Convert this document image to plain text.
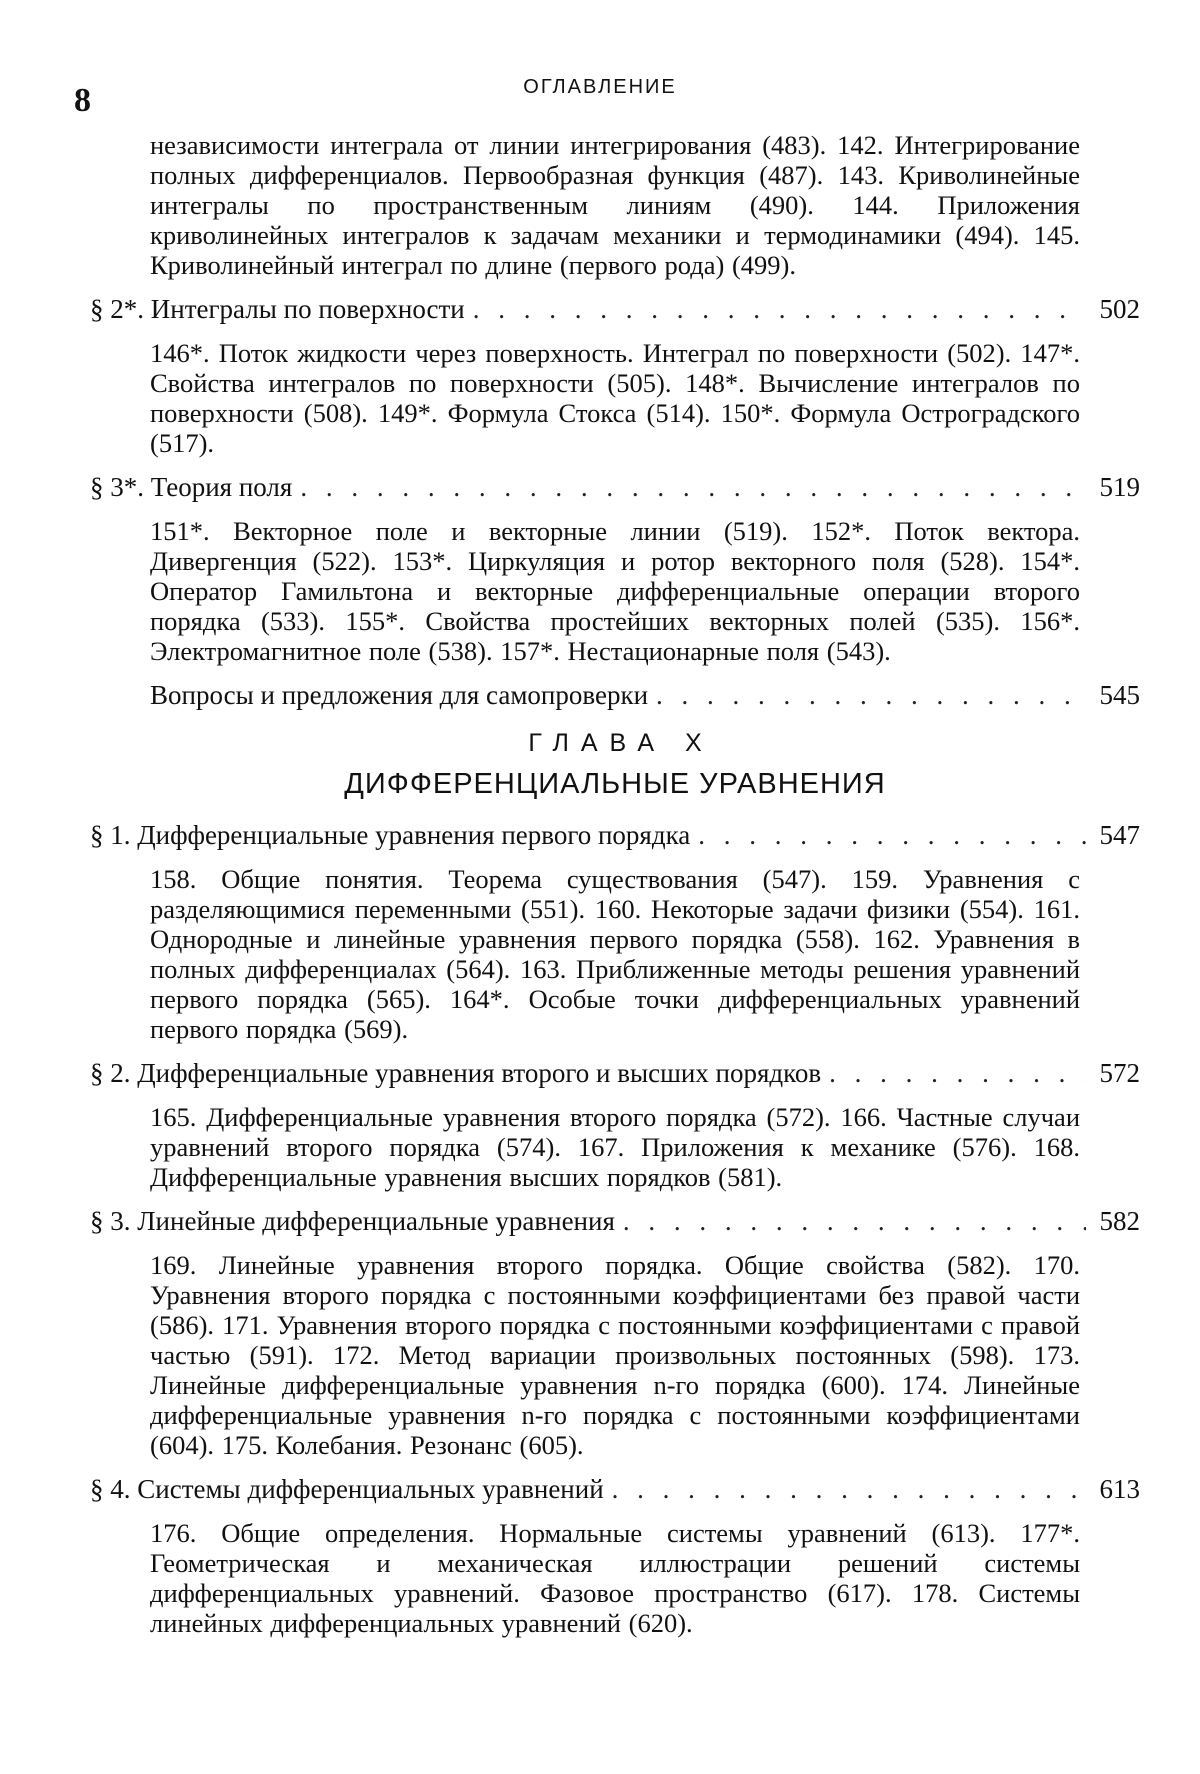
8	ОГЛАВЛЕНИЕ

независимости интеграла от линии интегрирования (483). 142. Интегрирование полных дифференциалов. Первообразная функция (487). 143. Криволинейные интегралы по пространственным линиям (490). 144. Приложения криволинейных интегралов к задачам механики и термодинамики (494). 145. Криволинейный интеграл по длине (первого рода) (499).

§ 2*. Интегралы по поверхности . . .	502

146*. Поток жидкости через поверхность. Интеграл по поверхности (502). 147*. Свойства интегралов по поверхности (505). 148*. Вычисление интегралов по поверхности (508). 149*. Формула Стокса (514). 150*. Формула Остроградского (517).

§ 3*. Теория поля . . .	519

151*. Векторное поле и векторные линии (519). 152*. Поток вектора. Дивергенция (522). 153*. Циркуляция и ротор векторного поля (528). 154*. Оператор Гамильтона и векторные дифференциальные операции второго порядка (533). 155*. Свойства простейших векторных полей (535). 156*. Электромагнитное поле (538). 157*. Нестационарные поля (543).

Вопросы и предложения для самопроверки . . .	545

ГЛАВА X

ДИФФЕРЕНЦИАЛЬНЫЕ УРАВНЕНИЯ

§ 1. Дифференциальные уравнения первого порядка . . .	547

158. Общие понятия. Теорема существования (547). 159. Уравнения с разделяющимися переменными (551). 160. Некоторые задачи физики (554). 161. Однородные и линейные уравнения первого порядка (558). 162. Уравнения в полных дифференциалах (564). 163. Приближенные методы решения уравнений первого порядка (565). 164*. Особые точки дифференциальных уравнений первого порядка (569).

§ 2. Дифференциальные уравнения второго и высших порядков . . .	572

165. Дифференциальные уравнения второго порядка (572). 166. Частные случаи уравнений второго порядка (574). 167. Приложения к механике (576). 168. Дифференциальные уравнения высших порядков (581).

§ 3. Линейные дифференциальные уравнения . . .	582

169. Линейные уравнения второго порядка. Общие свойства (582). 170. Уравнения второго порядка с постоянными коэффициентами без правой части (586). 171. Уравнения второго порядка с постоянными коэффициентами с правой частью (591). 172. Метод вариации произвольных постоянных (598). 173. Линейные дифференциальные уравнения n-го порядка (600). 174. Линейные дифференциальные уравнения n-го порядка с постоянными коэффициентами (604). 175. Колебания. Резонанс (605).

§ 4. Системы дифференциальных уравнений . . .	613

176. Общие определения. Нормальные системы уравнений (613). 177*. Геометрическая и механическая иллюстрации решений системы дифференциальных уравнений. Фазовое пространство (617). 178. Системы линейных дифференциальных уравнений (620).
